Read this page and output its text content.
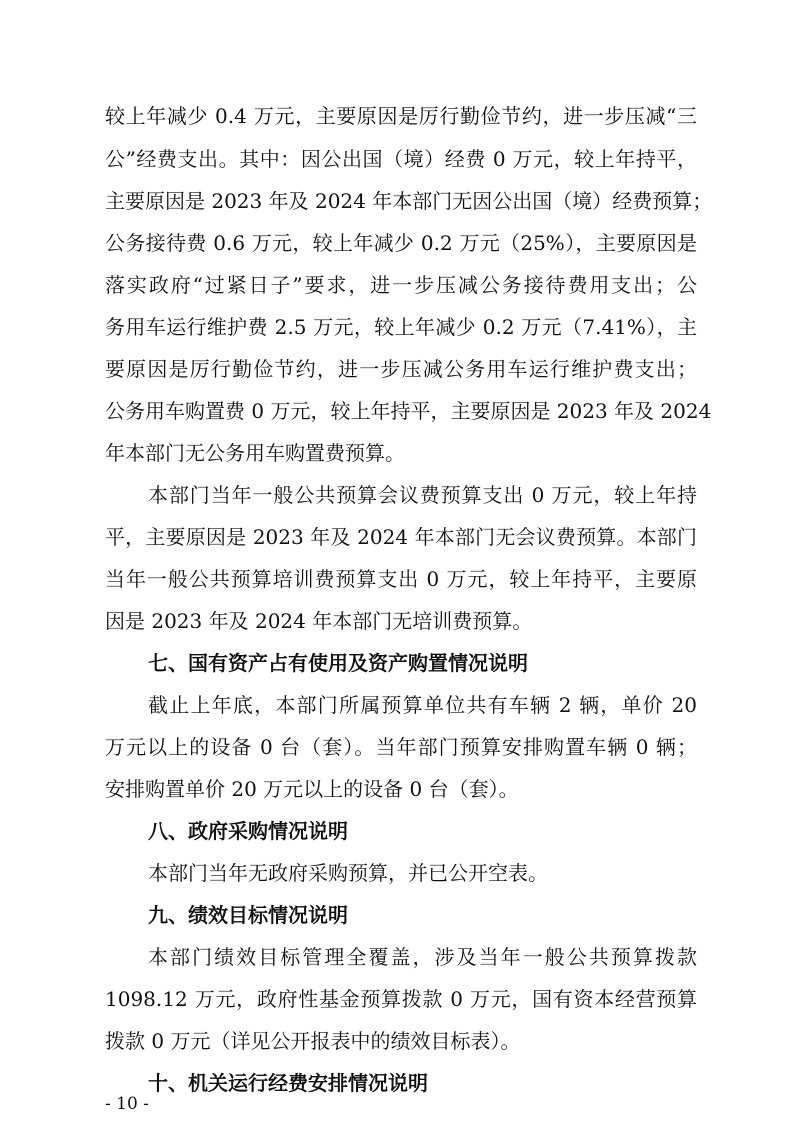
较上年减少 0.4 万元，主要原因是厉行勤俭节约，进一步压减“三
公”经费支出。其中：因公出国（境）经费 0 万元，较上年持平，
主要原因是 2023 年及 2024 年本部门无因公出国（境）经费预算；
公务接待费 0.6 万元，较上年减少 0.2 万元（25%），主要原因是
落实政府“过紧日子”要求，进一步压减公务接待费用支出；公
务用车运行维护费 2.5 万元，较上年减少 0.2 万元（7.41%），主
要原因是厉行勤俭节约，进一步压减公务用车运行维护费支出；
公务用车购置费 0 万元，较上年持平，主要原因是 2023 年及 2024
年本部门无公务用车购置费预算。
本部门当年一般公共预算会议费预算支出 0 万元，较上年持
平，主要原因是 2023 年及 2024 年本部门无会议费预算。本部门
当年一般公共预算培训费预算支出 0 万元，较上年持平，主要原
因是 2023 年及 2024 年本部门无培训费预算。
七、国有资产占有使用及资产购置情况说明
截止上年底，本部门所属预算单位共有车辆 2 辆，单价 20
万元以上的设备 0 台（套）。当年部门预算安排购置车辆 0 辆；
安排购置单价 20 万元以上的设备 0 台（套）。
八、政府采购情况说明
本部门当年无政府采购预算，并已公开空表。
九、绩效目标情况说明
本部门绩效目标管理全覆盖，涉及当年一般公共预算拨款
1098.12 万元，政府性基金预算拨款 0 万元，国有资本经营预算
拨款 0 万元（详见公开报表中的绩效目标表）。
十、机关运行经费安排情况说明
- 10 -
